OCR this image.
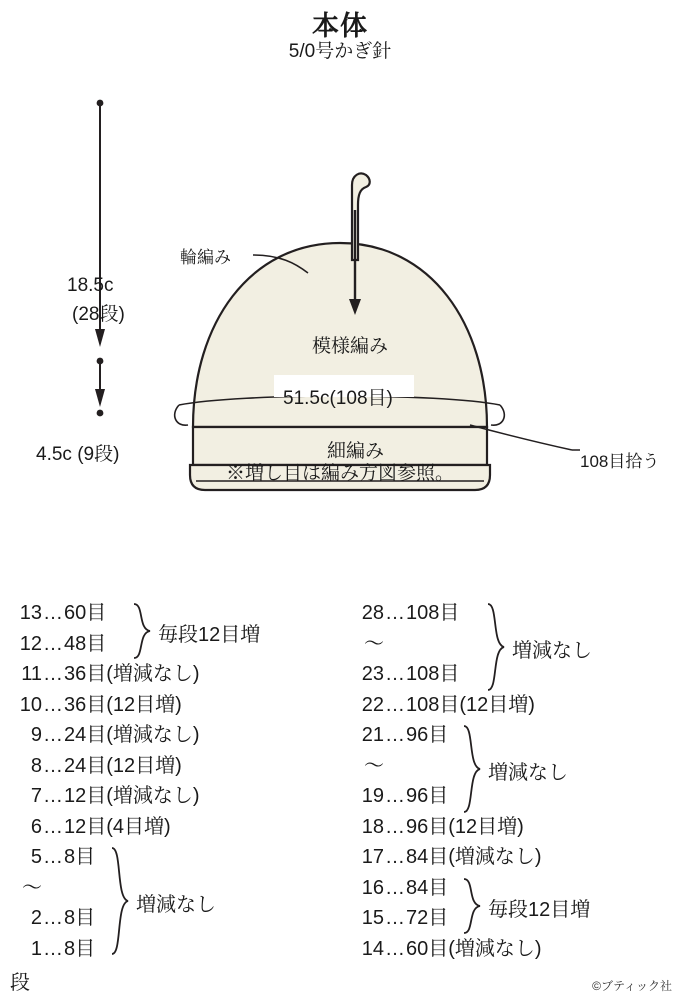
本体
5/0号かぎ針
輪編み
模様編み
51.5c(108目)
細編み	108目拾う
18.5c
(28段)
4.5c (9段)
※増し目は編み方図参照。
13…60目
12…48目
11…36目(増減なし)
10…36目(12目増)
9…24目(増減なし)
8…24目(12目増)
7…12目(増減なし)
6…12目(4目増)
5…8目
〜
2…8目
1…8目
28…108目
〜
23…108目
22…108目(12目増)
21…96目
〜
19…96目
18…96目(12目増)
17…84目(増減なし)
16…84目
15…72目
14…60目(増減なし)
毎段12目増
増減なし
増減なし
増減なし
毎段12目増
段	©ブティック社
